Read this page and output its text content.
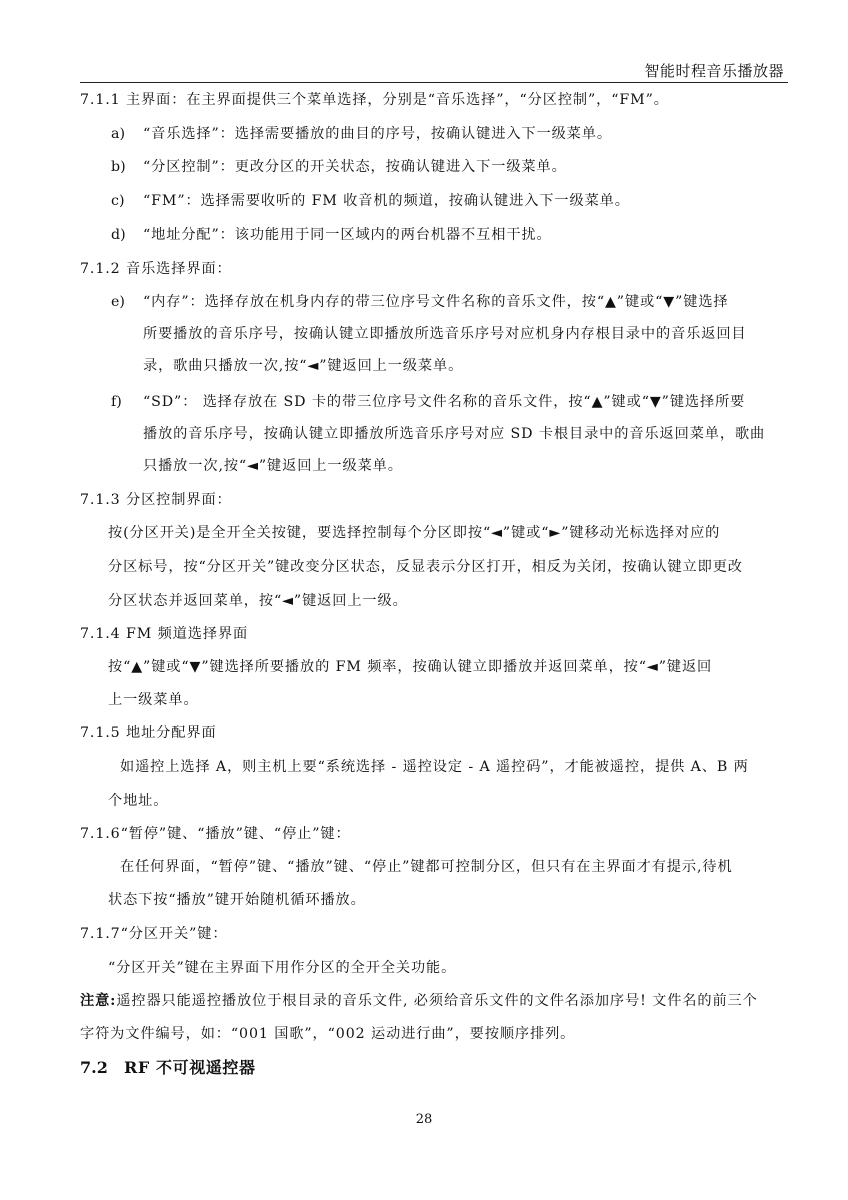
智能时程音乐播放器
7.1.1 主界面：在主界面提供三个菜单选择，分别是“音乐选择”，“分区控制”，“FM”。
a) “音乐选择”：选择需要播放的曲目的序号，按确认键进入下一级菜单。
b) “分区控制”：更改分区的开关状态，按确认键进入下一级菜单。
c) “FM”：选择需要收听的 FM 收音机的频道，按确认键进入下一级菜单。
d) “地址分配”：该功能用于同一区域内的两台机器不互相干扰。
7.1.2 音乐选择界面：
e) “内存”：选择存放在机身内存的带三位序号文件名称的音乐文件，按“▲”键或“▼”键选择
所要播放的音乐序号，按确认键立即播放所选音乐序号对应机身内存根目录中的音乐返回目
录，歌曲只播放一次,按“◄”键返回上一级菜单。
f) “SD”： 选择存放在 SD 卡的带三位序号文件名称的音乐文件，按“▲”键或“▼”键选择所要
播放的音乐序号，按确认键立即播放所选音乐序号对应 SD 卡根目录中的音乐返回菜单，歌曲
只播放一次,按“◄”键返回上一级菜单。
7.1.3 分区控制界面：
按(分区开关)是全开全关按键，要选择控制每个分区即按“◄”键或“►”键移动光标选择对应的
分区标号，按“分区开关”键改变分区状态，反显表示分区打开，相反为关闭，按确认键立即更改
分区状态并返回菜单，按“◄”键返回上一级。
7.1.4 FM 频道选择界面
按“▲”键或“▼”键选择所要播放的 FM 频率，按确认键立即播放并返回菜单，按“◄”键返回
上一级菜单。
7.1.5 地址分配界面
如遥控上选择 A，则主机上要“系统选择 - 遥控设定 - A 遥控码”，才能被遥控，提供 A、B 两
个地址。
7.1.6“暂停”键、“播放”键、“停止”键：
在任何界面，“暂停”键、“播放”键、“停止”键都可控制分区，但只有在主界面才有提示,待机
状态下按“播放”键开始随机循环播放。
7.1.7“分区开关”键：
“分区开关”键在主界面下用作分区的全开全关功能。
注意:遥控器只能遥控播放位于根目录的音乐文件, 必须给音乐文件的文件名添加序号! 文件名的前三个
字符为文件编号，如：“001 国歌”，“002 运动进行曲”，要按顺序排列。
7.2 RF 不可视遥控器
28
